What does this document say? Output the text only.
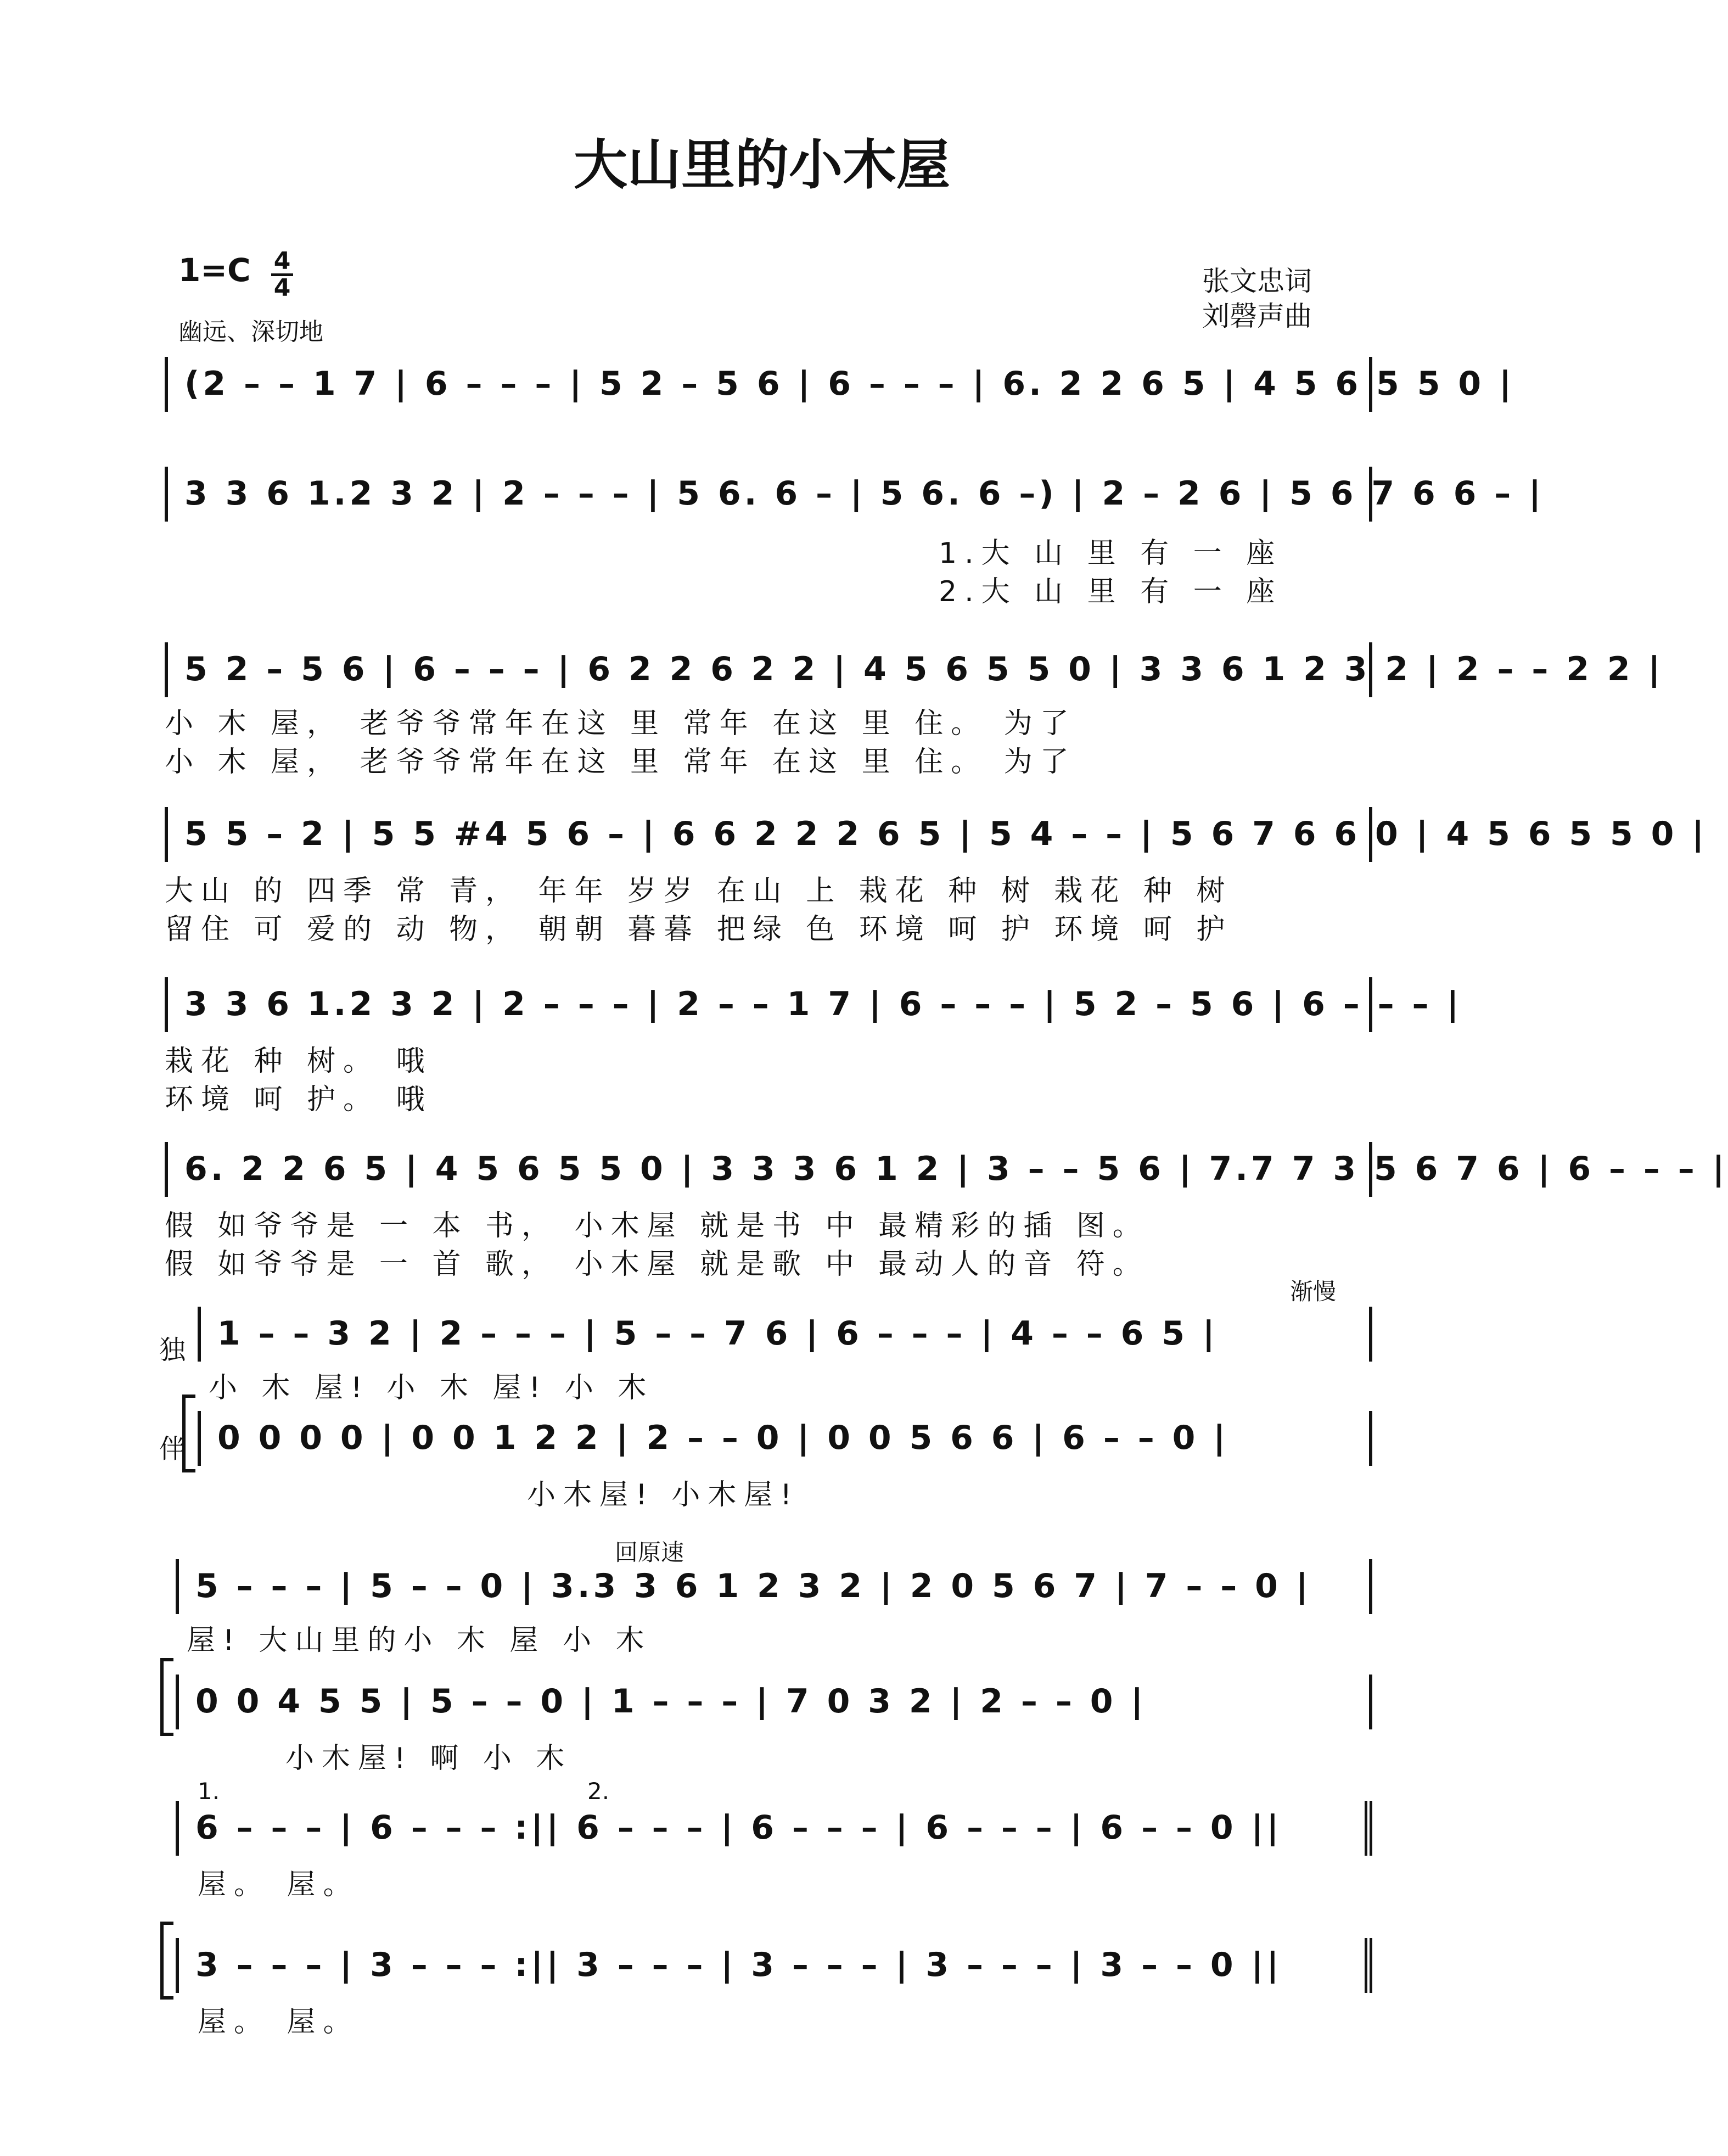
大山里的小木屋
张文忠词
刘磬声曲
1=C 4
4
幽远、深切地
(2 – – 1 7 | 6 – – – | 5 2 – 5 6 | 6 – – – | 6. 2 2 6 5 | 4 5 6 5 5 0 |
3 3 6 1.2 3 2 | 2 – – – | 5 6. 6 – | 5 6. 6 –) | 2 – 2 6 | 5 6 7 6 6 – |
1.大 山 里 有 一 座
2.大 山 里 有 一 座
5 2 – 5 6 | 6 – – – | 6 2 2 6 2 2 | 4 5 6 5 5 0 | 3 3 6 1 2 3 2 | 2 – – 2 2 |
小 木 屋， 老爷爷常年在这 里 常年 在这 里 住。 为了
小 木 屋， 老爷爷常年在这 里 常年 在这 里 住。 为了
5 5 – 2 | 5 5 #4 5 6 – | 6 6 2 2 2 6 5 | 5 4 – – | 5 6 7 6 6 0 | 4 5 6 5 5 0 |
大山 的 四季 常 青， 年年 岁岁 在山 上 栽花 种 树 栽花 种 树
留住 可 爱的 动 物， 朝朝 暮暮 把绿 色 环境 呵 护 环境 呵 护
3 3 6 1.2 3 2 | 2 – – – | 2 – – 1 7 | 6 – – – | 5 2 – 5 6 | 6 – – – |
栽花 种 树。 哦
环境 呵 护。 哦
6. 2 2 6 5 | 4 5 6 5 5 0 | 3 3 3 6 1 2 | 3 – – 5 6 | 7.7 7 3 5 6 7 6 | 6 – – – |
假 如爷爷是 一 本 书， 小木屋 就是书 中 最精彩的插 图。
假 如爷爷是 一 首 歌， 小木屋 就是歌 中 最动人的音 符。
独
伴
渐慢
1 – – 3 2 | 2 – – – | 5 – – 7 6 | 6 – – – | 4 – – 6 5 |
小 木 屋! 小 木 屋! 小 木
0 0 0 0 | 0 0 1 2 2 | 2 – – 0 | 0 0 5 6 6 | 6 – – 0 |
小木屋! 小木屋!
回原速
5 – – – | 5 – – 0 | 3.3 3 6 1 2 3 2 | 2 0 5 6 7 | 7 – – 0 |
屋! 大山里的小 木 屋 小 木
0 0 4 5 5 | 5 – – 0 | 1 – – – | 7 0 3 2 | 2 – – 0 |
小木屋! 啊 小 木
1.	2.
6 – – – | 6 – – – :|| 6 – – – | 6 – – – | 6 – – – | 6 – – 0 ||
屋。 屋。
3 – – – | 3 – – – :|| 3 – – – | 3 – – – | 3 – – – | 3 – – 0 ||
屋。 屋。
